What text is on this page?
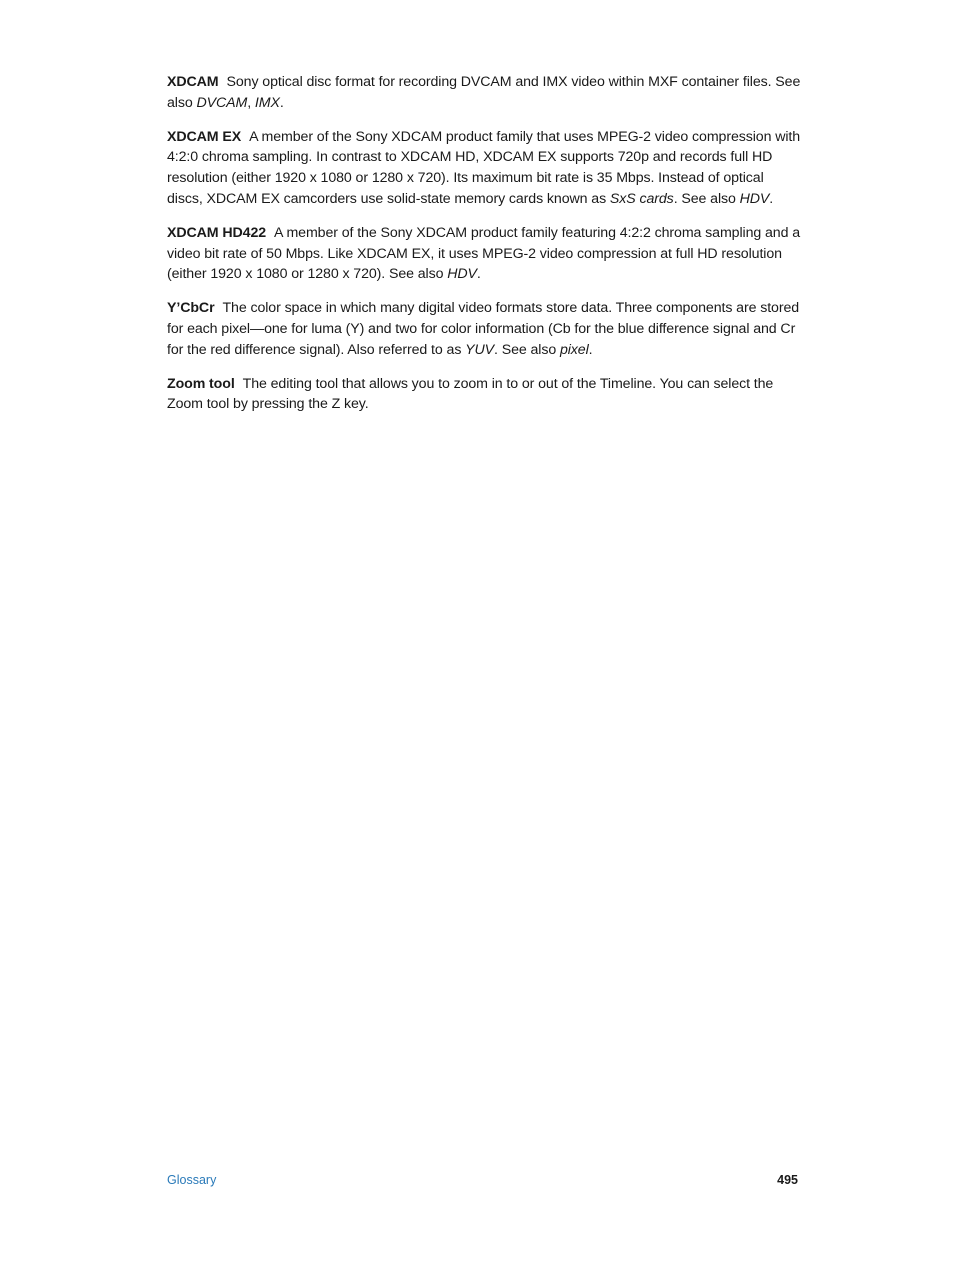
XDCAM Sony optical disc format for recording DVCAM and IMX video within MXF container files. See also DVCAM, IMX.

XDCAM EX A member of the Sony XDCAM product family that uses MPEG-2 video compression with 4:2:0 chroma sampling. In contrast to XDCAM HD, XDCAM EX supports 720p and records full HD resolution (either 1920 x 1080 or 1280 x 720). Its maximum bit rate is 35 Mbps. Instead of optical discs, XDCAM EX camcorders use solid-state memory cards known as SxS cards. See also HDV.

XDCAM HD422 A member of the Sony XDCAM product family featuring 4:2:2 chroma sampling and a video bit rate of 50 Mbps. Like XDCAM EX, it uses MPEG-2 video compression at full HD resolution (either 1920 x 1080 or 1280 x 720). See also HDV.

Y’CbCr The color space in which many digital video formats store data. Three components are stored for each pixel—one for luma (Y) and two for color information (Cb for the blue difference signal and Cr for the red difference signal). Also referred to as YUV. See also pixel.

Zoom tool The editing tool that allows you to zoom in to or out of the Timeline. You can select the Zoom tool by pressing the Z key.

Glossary	495
